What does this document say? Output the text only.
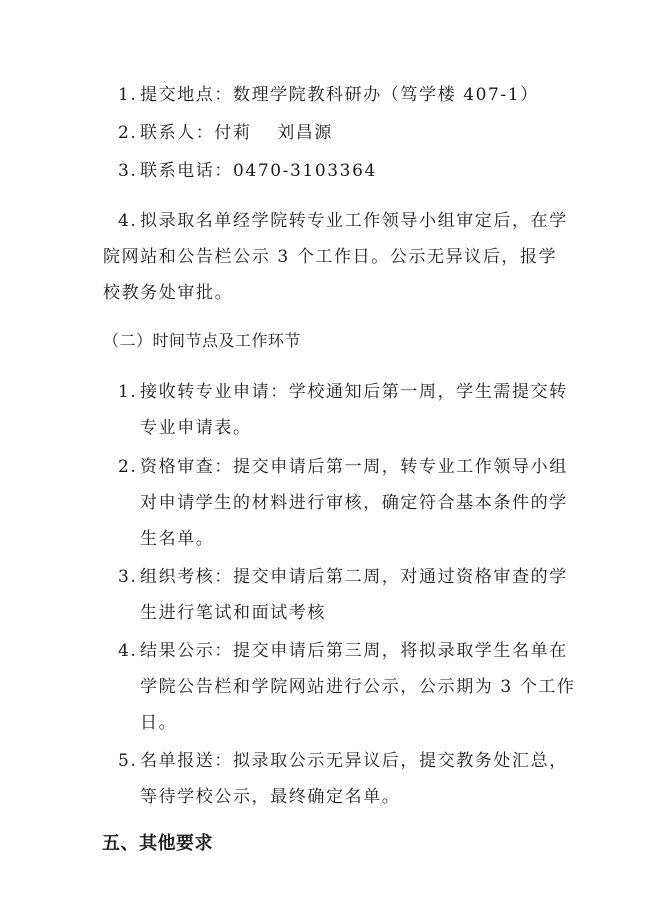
1. 提交地点：数理学院教科研办（笃学楼 407-1）
2. 联系人：付莉　 刘昌源
3. 联系电话：0470-3103364
4. 拟录取名单经学院转专业工作领导小组审定后，在学
院网站和公告栏公示 3 个工作日。公示无异议后，报学
校教务处审批。
（二）时间节点及工作环节
1. 接收转专业申请：学校通知后第一周，学生需提交转
专业申请表。
2. 资格审查：提交申请后第一周，转专业工作领导小组
对申请学生的材料进行审核，确定符合基本条件的学
生名单。
3. 组织考核：提交申请后第二周，对通过资格审查的学
生进行笔试和面试考核
4. 结果公示：提交申请后第三周，将拟录取学生名单在
学院公告栏和学院网站进行公示，公示期为 3 个工作
日。
5. 名单报送：拟录取公示无异议后，提交教务处汇总，
等待学校公示，最终确定名单。
五、其他要求
